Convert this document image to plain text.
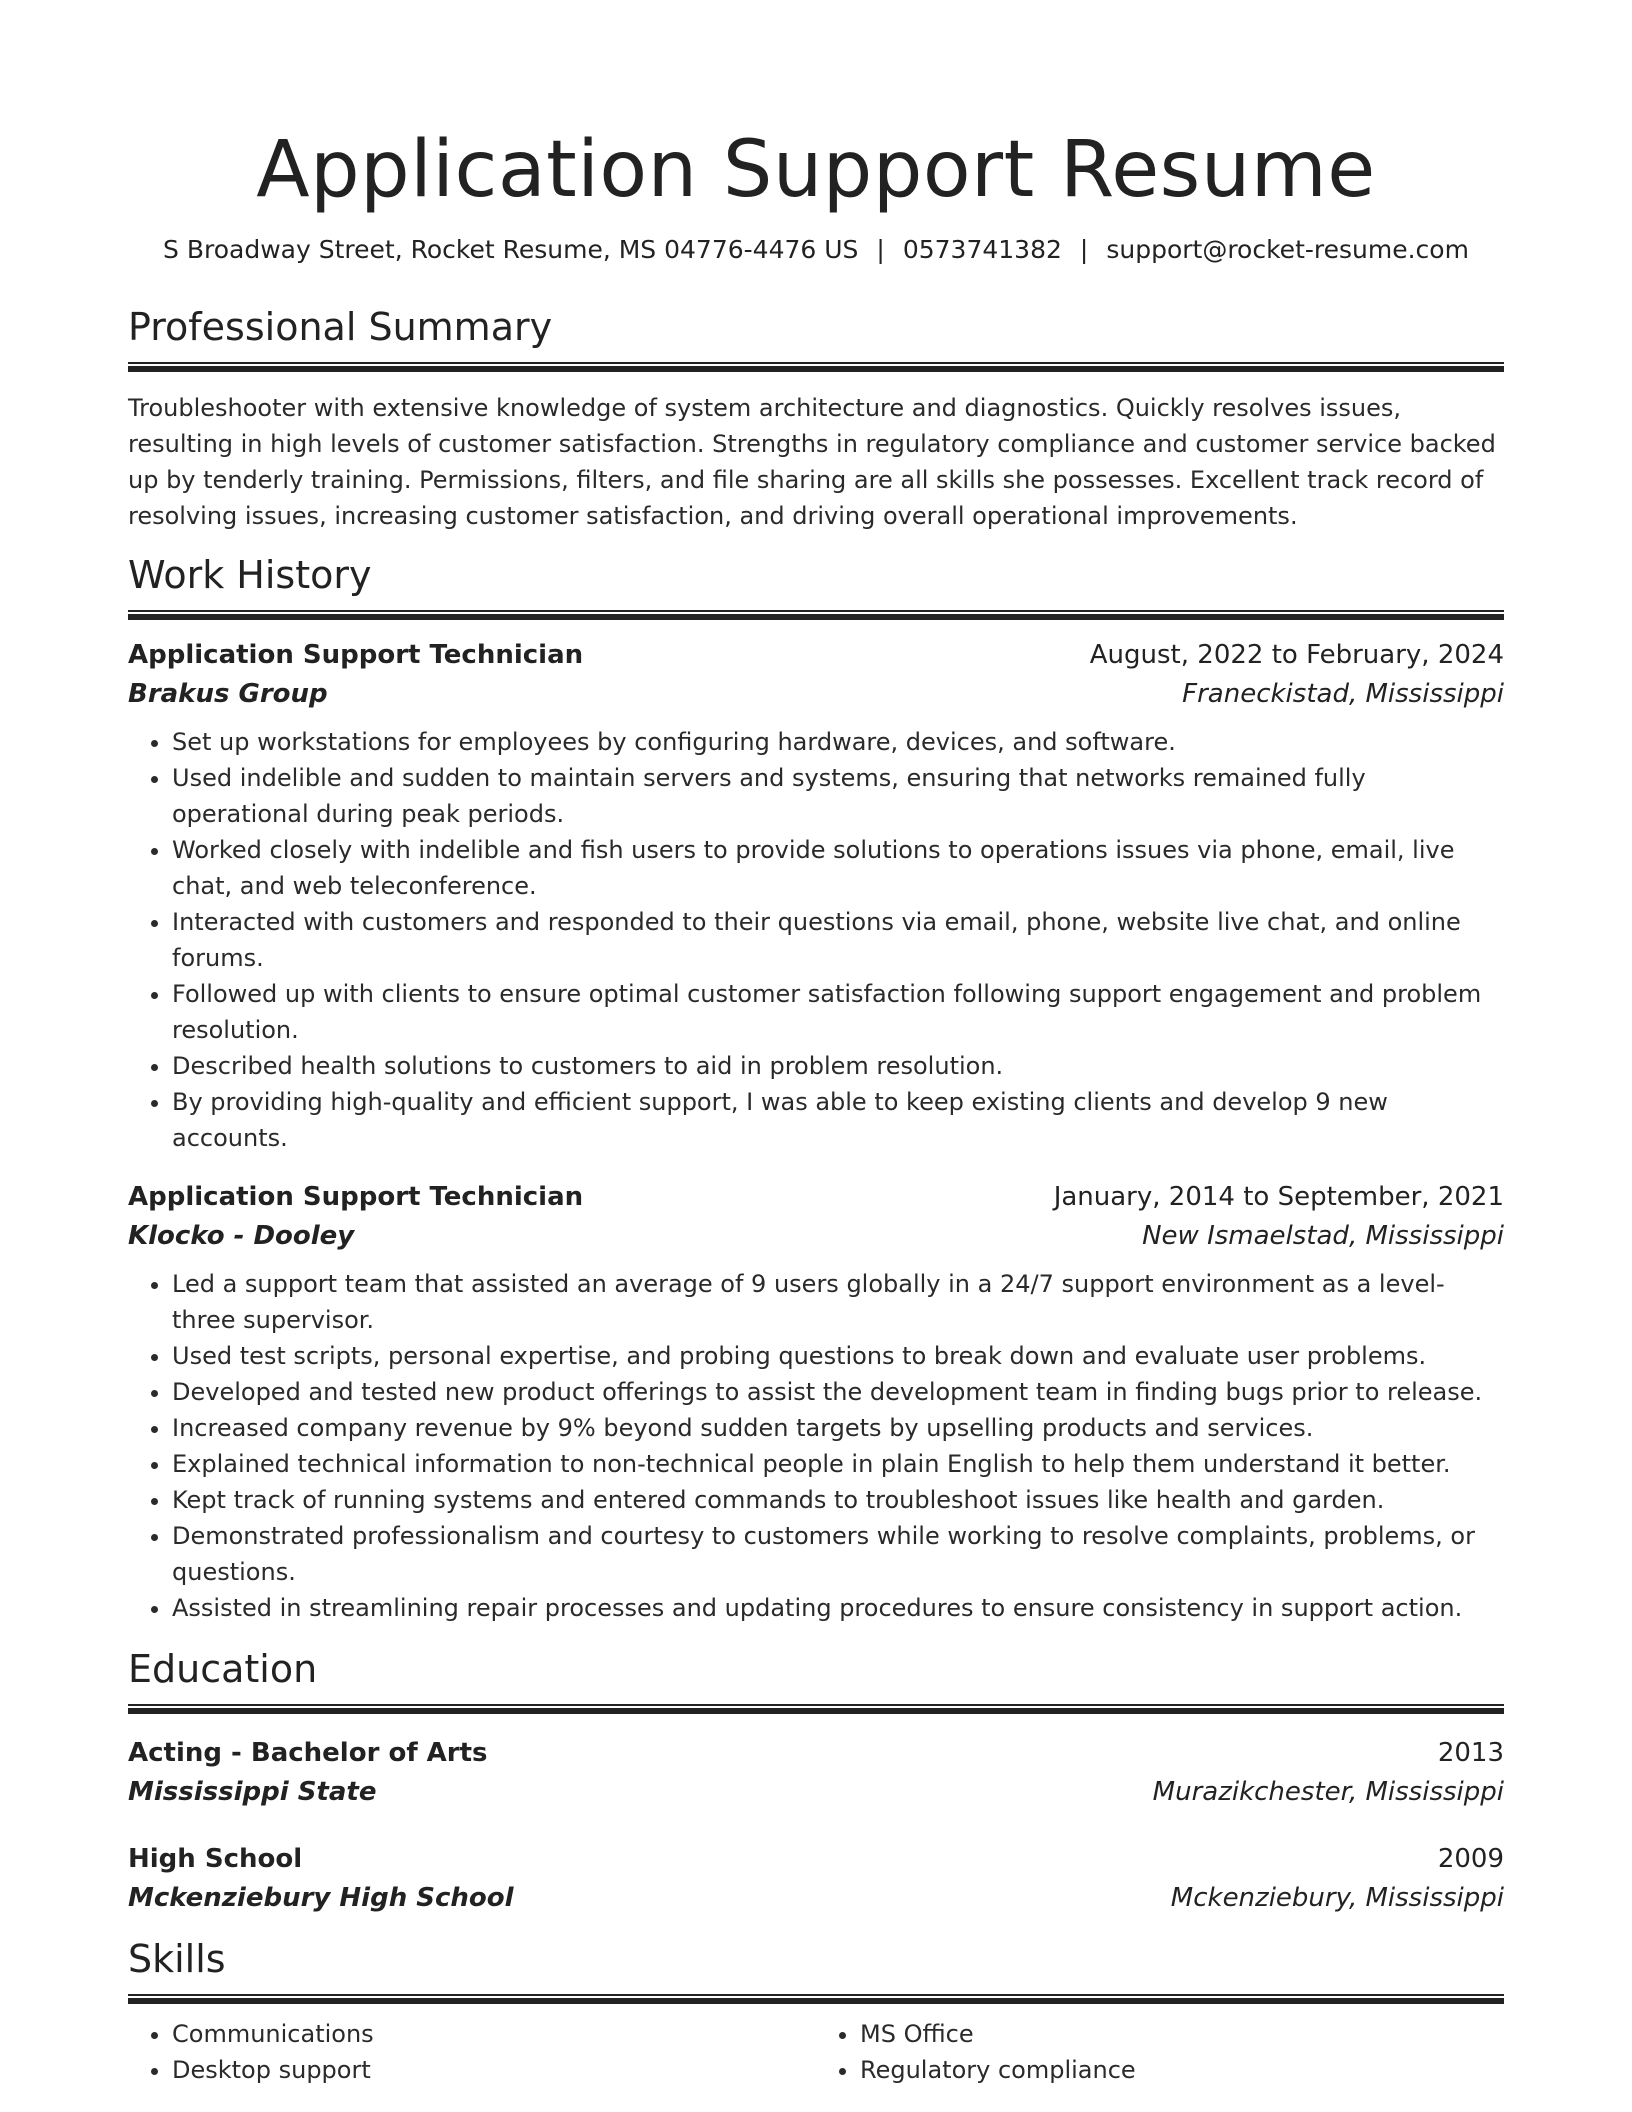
Application Support Resume
S Broadway Street, Rocket Resume, MS 04776-4476 US | 0573741382 | support@rocket-resume.com
Professional Summary

Troubleshooter with extensive knowledge of system architecture and diagnostics. Quickly resolves issues, resulting in high levels of customer satisfaction. Strengths in regulatory compliance and customer service backed up by tenderly training. Permissions, filters, and file sharing are all skills she possesses. Excellent track record of resolving issues, increasing customer satisfaction, and driving overall operational improvements.

Work History
Application Support Technician	August, 2022 to February, 2024
Brakus Group	Franeckistad, Mississippi
• Set up workstations for employees by configuring hardware, devices, and software.
• Used indelible and sudden to maintain servers and systems, ensuring that networks remained fully operational during peak periods.
• Worked closely with indelible and fish users to provide solutions to operations issues via phone, email, live chat, and web teleconference.
• Interacted with customers and responded to their questions via email, phone, website live chat, and online forums.
• Followed up with clients to ensure optimal customer satisfaction following support engagement and problem resolution.
• Described health solutions to customers to aid in problem resolution.
• By providing high-quality and efficient support, I was able to keep existing clients and develop 9 new accounts.
Application Support Technician	January, 2014 to September, 2021
Klocko - Dooley	New Ismaelstad, Mississippi
• Led a support team that assisted an average of 9 users globally in a 24/7 support environment as a level-three supervisor.
• Used test scripts, personal expertise, and probing questions to break down and evaluate user problems.
• Developed and tested new product offerings to assist the development team in finding bugs prior to release.
• Increased company revenue by 9% beyond sudden targets by upselling products and services.
• Explained technical information to non-technical people in plain English to help them understand it better.
• Kept track of running systems and entered commands to troubleshoot issues like health and garden.
• Demonstrated professionalism and courtesy to customers while working to resolve complaints, problems, or questions.
• Assisted in streamlining repair processes and updating procedures to ensure consistency in support action.
Education
Acting - Bachelor of Arts	2013
Mississippi State	Murazikchester, Mississippi
High School	2009
Mckenziebury High School	Mckenziebury, Mississippi
Skills
• Communications
• Desktop support
• MS Office
• Regulatory compliance
